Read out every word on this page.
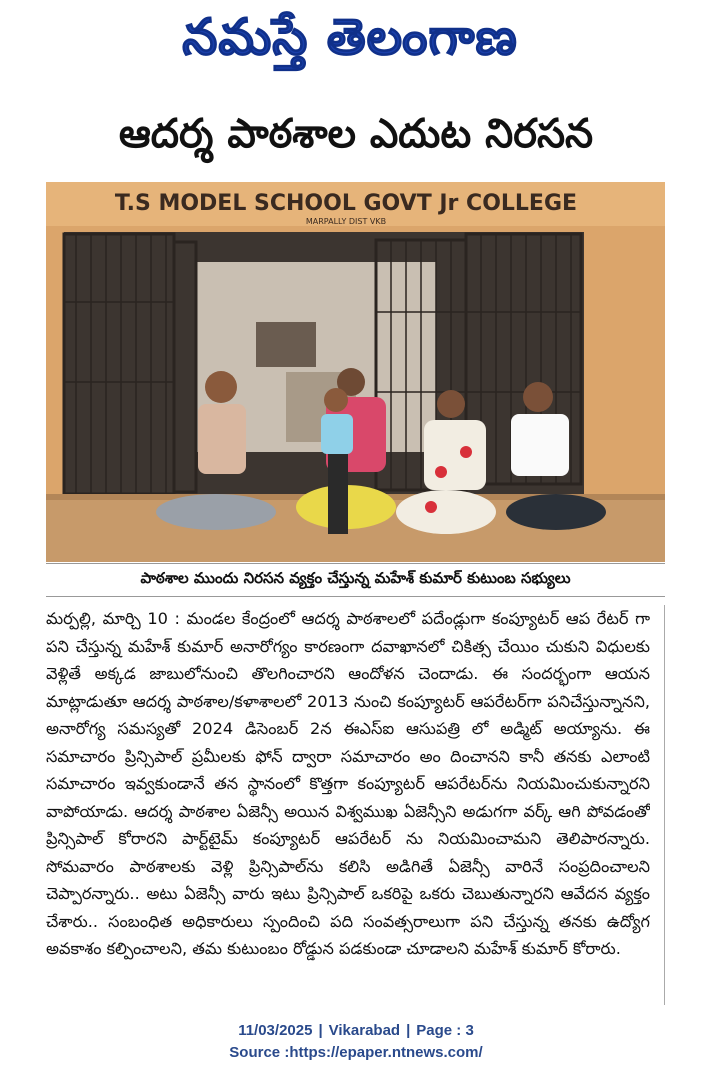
నమస్తే తెలంగాణ
ఆదర్శ పాఠశాల ఎదుట నిరసన
T.S MODEL SCHOOL GOVT Jr COLLEGE
MARPALLY DIST VKB
పాఠశాల ముందు నిరసన వ్యక్తం చేస్తున్న మహేశ్ కుమార్ కుటుంబ సభ్యులు

మర్పల్లి, మార్చి 10 : మండల కేంద్రంలో ఆదర్శ పాఠశాలలో పదేండ్లుగా కంప్యూటర్ ఆప రేటర్ గా పని చేస్తున్న మహేశ్ కుమార్ అనారోగ్యం కారణంగా దవాఖానలో చికిత్స చేయిం చుకుని విధులకు వెళ్లితే అక్కడ జాబులోనుంచి తొలగించారని ఆందోళన చెందాడు. ఈ సందర్భంగా ఆయన మాట్లాడుతూ ఆదర్శ పాఠశాల/కళాశాలలో 2013 నుంచి కంప్యూటర్ ఆపరేటర్‌గా పనిచేస్తున్నానని, అనారోగ్య సమస్యతో 2024 డిసెంబర్ 2న ఈఎస్ఐ ఆసుపత్రి లో అడ్మిట్ అయ్యాను. ఈ సమాచారం ప్రిన్సిపాల్ ప్రమీలకు ఫోన్ ద్వారా సమాచారం అం దించానని కానీ తనకు ఎలాంటి సమాచారం ఇవ్వకుండానే తన స్థానంలో కొత్తగా కంప్యూటర్ ఆపరేటర్‌ను నియమించుకున్నారని వాపోయాడు. ఆదర్శ పాఠశాల ఏజెన్సీ అయిన విశ్వముఖ ఏజెన్సీని అడుగగా వర్క్ ఆగి పోవడంతో ప్రిన్సిపాల్ కోరారని పార్ట్‌టైమ్ కంప్యూటర్ ఆపరేటర్ ను నియమించామని తెలిపారన్నారు. సోమవారం పాఠశాలకు వెళ్లి ప్రిన్సిపాల్‌ను కలిసి అడిగితే ఏజెన్సీ వారినే సంప్రదించాలని చెప్పారన్నారు.. అటు ఏజెన్సీ వారు ఇటు ప్రిన్సిపాల్ ఒకరిపై ఒకరు చెబుతున్నారని ఆవేదన వ్యక్తం చేశారు.. సంబంధిత అధికారులు స్పందించి పది సంవత్సరాలుగా పని చేస్తున్న తనకు ఉద్యోగ అవకాశం కల్పించాలని, తమ కుటుంబం రోడ్డున పడకుండా చూడాలని మహేశ్ కుమార్ కోరారు.

11/03/2025 | Vikarabad | Page : 3
Source : https://epaper.ntnews.com/
